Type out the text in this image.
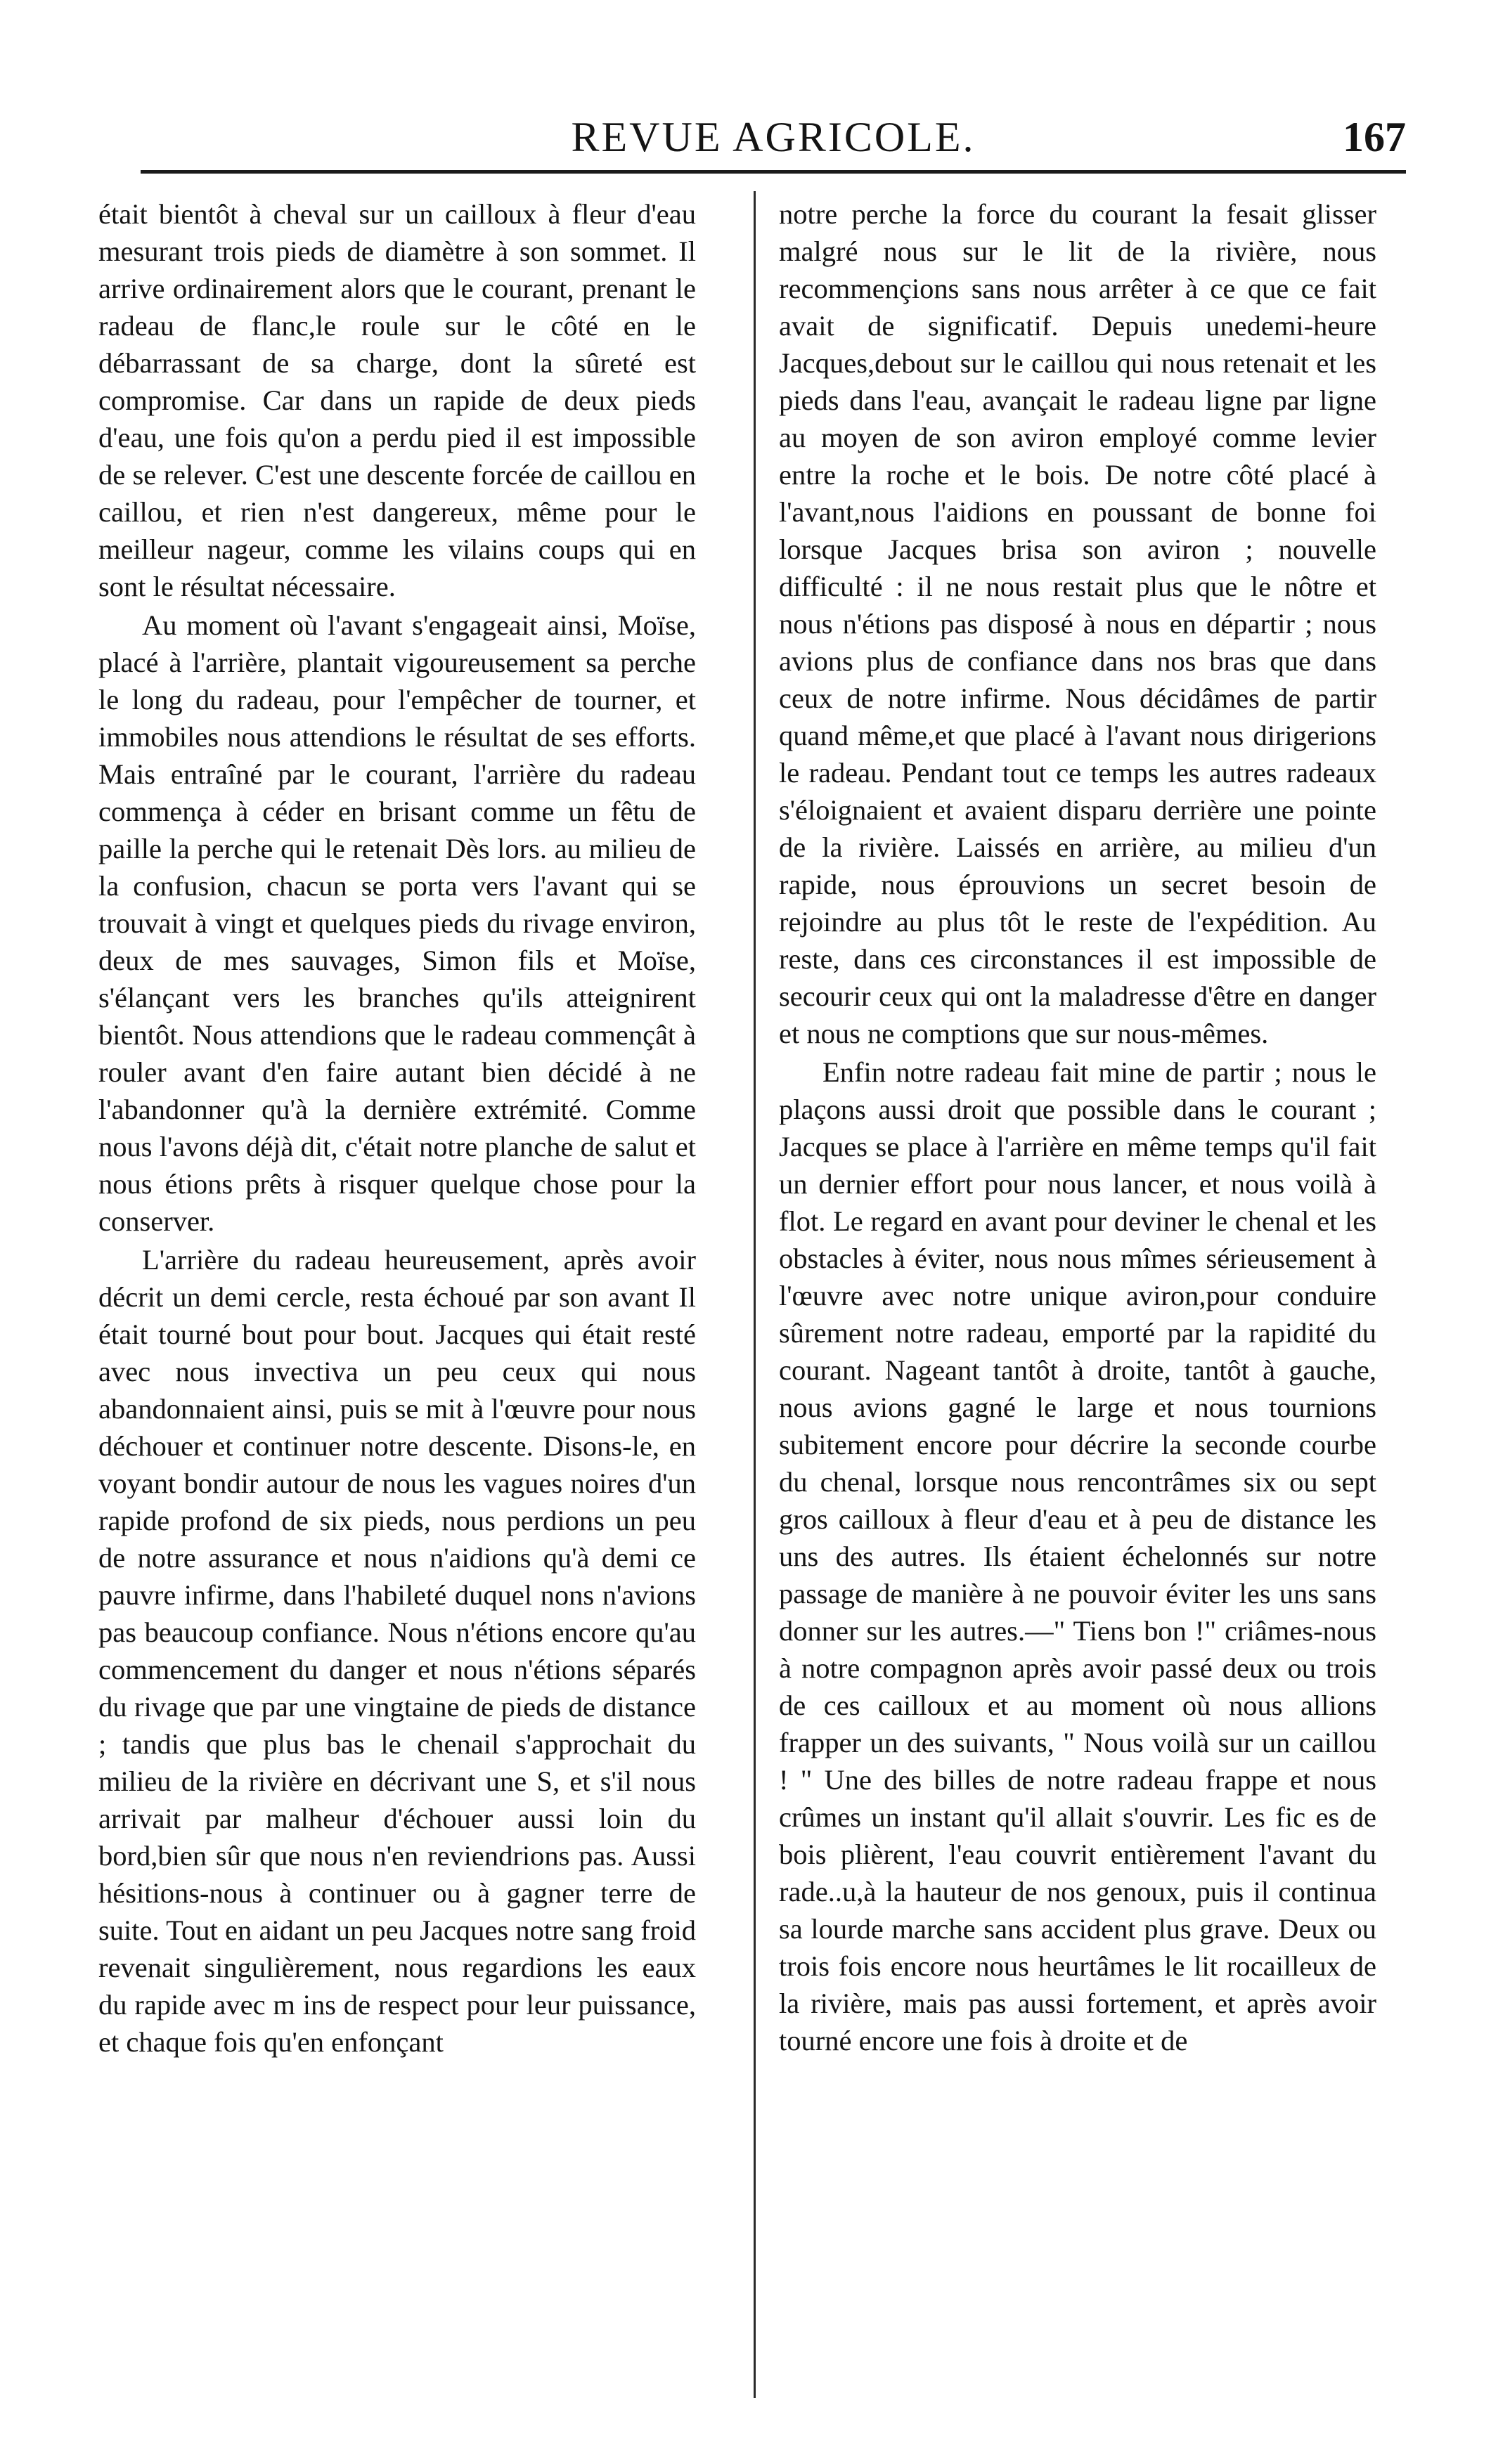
REVUE AGRICOLE.	167

était bientôt à cheval sur un cailloux à fleur d'eau mesurant trois pieds de diamètre à son sommet. Il arrive ordinairement alors que le courant, prenant le radeau de flanc,le roule sur le côté en le débarrassant de sa charge, dont la sûreté est compromise. Car dans un rapide de deux pieds d'eau, une fois qu'on a perdu pied il est impossible de se relever. C'est une descente forcée de caillou en caillou, et rien n'est dangereux, même pour le meilleur nageur, comme les vilains coups qui en sont le résultat nécessaire.

Au moment où l'avant s'engageait ainsi, Moïse, placé à l'arrière, plantait vigoureusement sa perche le long du radeau, pour l'empêcher de tourner, et immobiles nous attendions le résultat de ses efforts. Mais entraîné par le courant, l'arrière du radeau commença à céder en brisant comme un fêtu de paille la perche qui le retenait Dès lors. au milieu de la confusion, chacun se porta vers l'avant qui se trouvait à vingt et quelques pieds du rivage environ, deux de mes sauvages, Simon fils et Moïse, s'élançant vers les branches qu'ils atteignirent bientôt. Nous attendions que le radeau commençât à rouler avant d'en faire autant bien décidé à ne l'abandonner qu'à la dernière extrémité. Comme nous l'avons déjà dit, c'était notre planche de salut et nous étions prêts à risquer quelque chose pour la conserver.

L'arrière du radeau heureusement, après avoir décrit un demi cercle, resta échoué par son avant Il était tourné bout pour bout. Jacques qui était resté avec nous invectiva un peu ceux qui nous abandonnaient ainsi, puis se mit à l'œuvre pour nous déchouer et continuer notre descente. Disons-le, en voyant bondir autour de nous les vagues noires d'un rapide profond de six pieds, nous perdions un peu de notre assurance et nous n'aidions qu'à demi ce pauvre infirme, dans l'habileté duquel nons n'avions pas beaucoup confiance. Nous n'étions encore qu'au commencement du danger et nous n'étions séparés du rivage que par une vingtaine de pieds de distance ; tandis que plus bas le chenail s'approchait du milieu de la rivière en décrivant une S, et s'il nous arrivait par malheur d'échouer aussi loin du bord,bien sûr que nous n'en reviendrions pas. Aussi hésitions-nous à continuer ou à gagner terre de suite. Tout en aidant un peu Jacques notre sang froid revenait singulièrement, nous regardions les eaux du rapide avec m ins de respect pour leur puissance, et chaque fois qu'en enfonçant

notre perche la force du courant la fesait glisser malgré nous sur le lit de la rivière, nous recommençions sans nous arrêter à ce que ce fait avait de significatif. Depuis unedemi-heure Jacques,debout sur le caillou qui nous retenait et les pieds dans l'eau, avançait le radeau ligne par ligne au moyen de son aviron employé comme levier entre la roche et le bois. De notre côté placé à l'avant,nous l'aidions en poussant de bonne foi lorsque Jacques brisa son aviron ; nouvelle difficulté : il ne nous restait plus que le nôtre et nous n'étions pas disposé à nous en départir ; nous avions plus de confiance dans nos bras que dans ceux de notre infirme. Nous décidâmes de partir quand même,et que placé à l'avant nous dirigerions le radeau. Pendant tout ce temps les autres radeaux s'éloignaient et avaient disparu derrière une pointe de la rivière. Laissés en arrière, au milieu d'un rapide, nous éprouvions un secret besoin de rejoindre au plus tôt le reste de l'expédition. Au reste, dans ces circonstances il est impossible de secourir ceux qui ont la maladresse d'être en danger et nous ne comptions que sur nous-mêmes.

Enfin notre radeau fait mine de partir ; nous le plaçons aussi droit que possible dans le courant ; Jacques se place à l'arrière en même temps qu'il fait un dernier effort pour nous lancer, et nous voilà à flot. Le regard en avant pour deviner le chenal et les obstacles à éviter, nous nous mîmes sérieusement à l'œuvre avec notre unique aviron,pour conduire sûrement notre radeau, emporté par la rapidité du courant. Nageant tantôt à droite, tantôt à gauche, nous avions gagné le large et nous tournions subitement encore pour décrire la seconde courbe du chenal, lorsque nous rencontrâmes six ou sept gros cailloux à fleur d'eau et à peu de distance les uns des autres. Ils étaient échelonnés sur notre passage de manière à ne pouvoir éviter les uns sans donner sur les autres.—" Tiens bon !" criâmes-nous à notre compagnon après avoir passé deux ou trois de ces cailloux et au moment où nous allions frapper un des suivants, " Nous voilà sur un caillou ! " Une des billes de notre radeau frappe et nous crûmes un instant qu'il allait s'ouvrir. Les fic es de bois plièrent, l'eau couvrit entièrement l'avant du rade..u,à la hauteur de nos genoux, puis il continua sa lourde marche sans accident plus grave. Deux ou trois fois encore nous heurtâmes le lit rocailleux de la rivière, mais pas aussi fortement, et après avoir tourné encore une fois à droite et de
